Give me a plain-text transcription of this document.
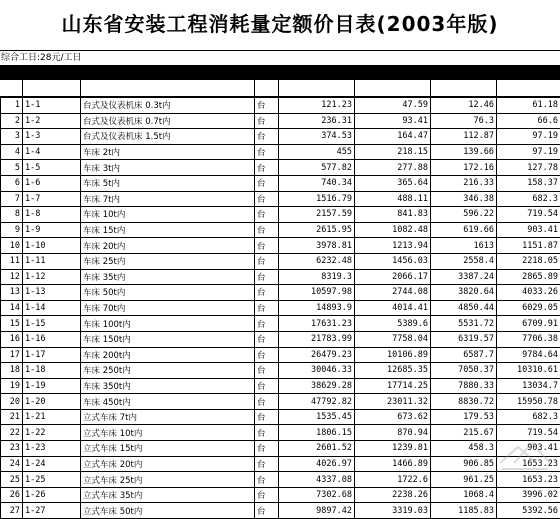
山东省安装工程消耗量定额价目表(2003年版)
综合工日:28元/工日
1	1-1	台式及仪表机床 0.3t内	台	121.23	47.59	12.46	61.18
2	1-2	台式及仪表机床 0.7t内	台	236.31	93.41	76.3	66.6
3	1-3	台式及仪表机床 1.5t内	台	374.53	164.47	112.87	97.19
4	1-4	车床 2t内	台	455	218.15	139.66	97.19
5	1-5	车床 3t内	台	577.82	277.88	172.16	127.78
6	1-6	车床 5t内	台	740.34	365.64	216.33	158.37
7	1-7	车床 7t内	台	1516.79	488.11	346.38	682.3
8	1-8	车床 10t内	台	2157.59	841.83	596.22	719.54
9	1-9	车床 15t内	台	2615.95	1082.48	619.66	903.41
10	1-10	车床 20t内	台	3978.81	1213.94	1613	1151.87
11	1-11	车床 25t内	台	6232.48	1456.03	2558.4	2218.05
12	1-12	车床 35t内	台	8319.3	2066.17	3387.24	2865.89
13	1-13	车床 50t内	台	10597.98	2744.08	3820.64	4033.26
14	1-14	车床 70t内	台	14893.9	4014.41	4850.44	6029.05
15	1-15	车床 100t内	台	17631.23	5389.6	5531.72	6709.91
16	1-16	车床 150t内	台	21783.99	7758.04	6319.57	7706.38
17	1-17	车床 200t内	台	26479.23	10106.89	6587.7	9784.64
18	1-18	车床 250t内	台	30046.33	12685.35	7050.37	10310.61
19	1-19	车床 350t内	台	38629.28	17714.25	7880.33	13034.7
20	1-20	车床 450t内	台	47792.82	23011.32	8830.72	15950.78
21	1-21	立式车床 7t内	台	1535.45	673.62	179.53	682.3
22	1-22	立式车床 10t内	台	1806.15	870.94	215.67	719.54
23	1-23	立式车床 15t内	台	2601.52	1239.81	458.3	903.41
24	1-24	立式车床 20t内	台	4026.97	1466.89	906.85	1653.23
25	1-25	立式车床 25t内	台	4337.08	1722.6	961.25	1653.23
26	1-26	立式车床 35t内	台	7302.68	2238.26	1068.4	3996.02
27	1-27	立式车床 50t内	台	9897.42	3319.03	1185.83	5392.56
